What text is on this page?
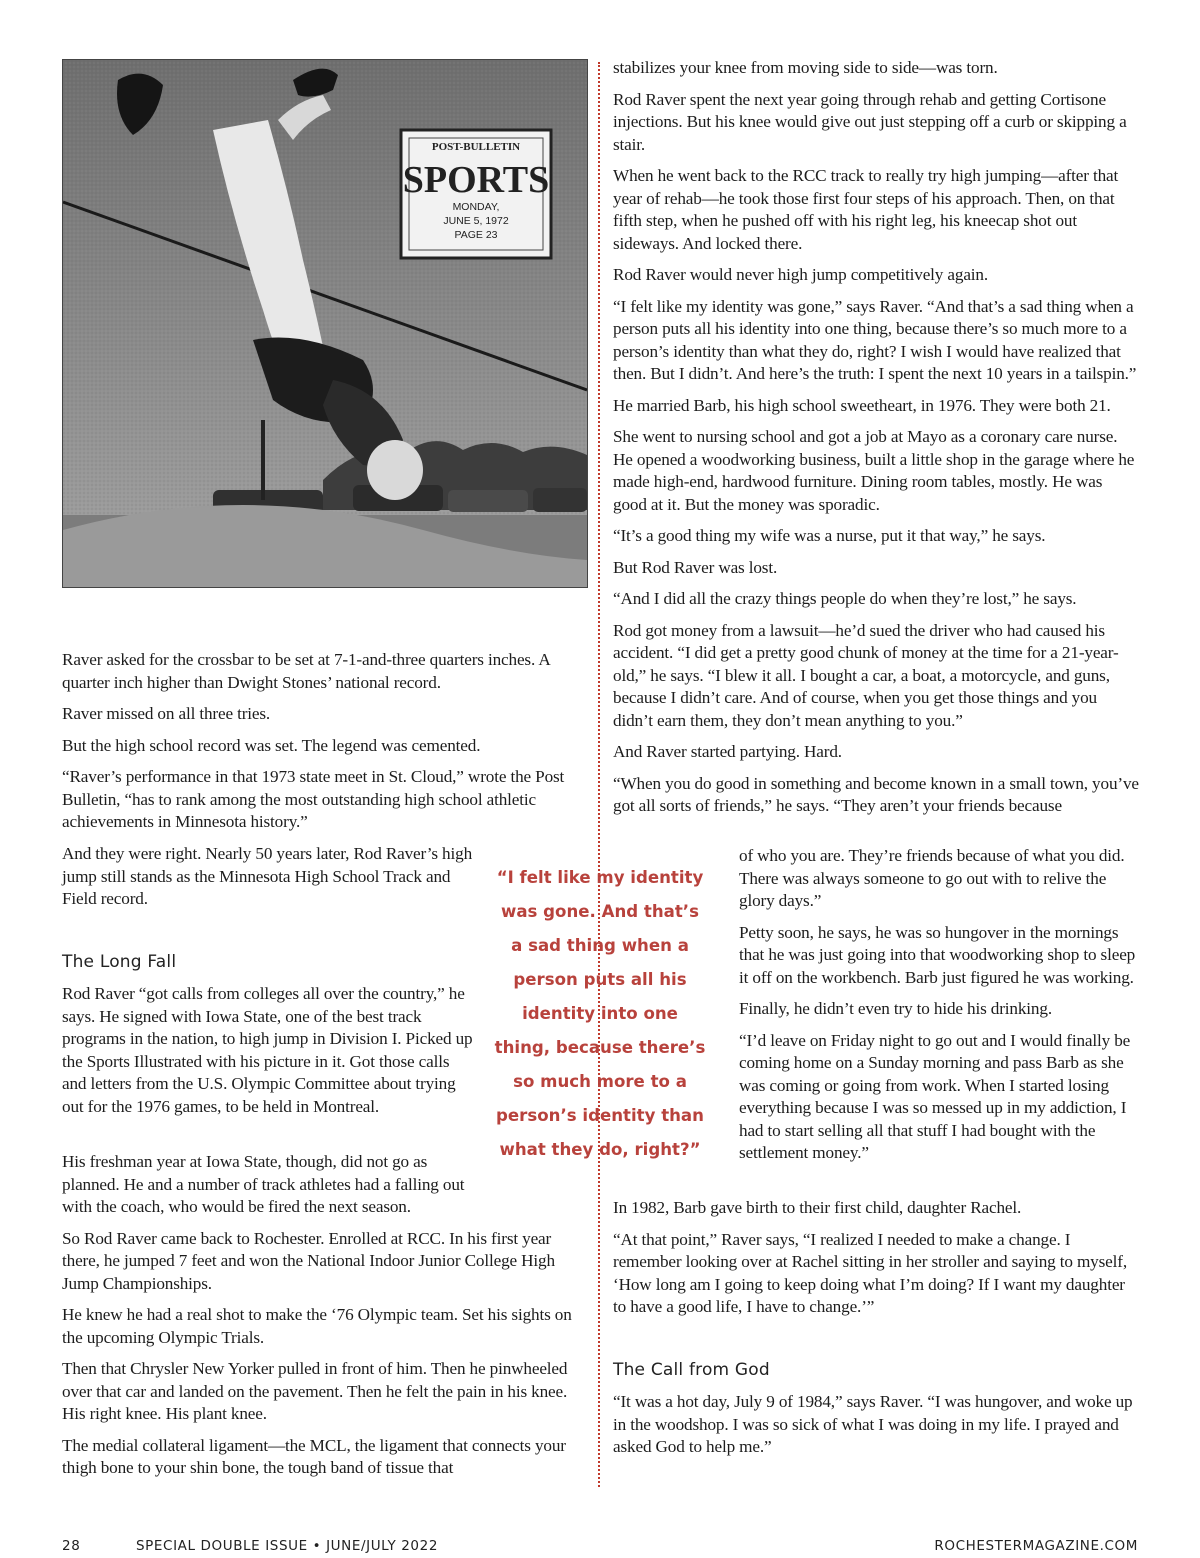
POST-BULLETIN
SPORTS
MONDAY,
JUNE 5, 1972
PAGE 23

Raver asked for the crossbar to be set at 7-1-and-three quarters inches. A quarter inch higher than Dwight Stones’ national record.

Raver missed on all three tries.

But the high school record was set. The legend was cemented.

“Raver’s performance in that 1973 state meet in St. Cloud,” wrote the Post Bulletin, “has to rank among the most outstanding high school athletic achievements in Minnesota history.”

And they were right. Nearly 50 years later, Rod Raver’s high jump still stands as the Minnesota High School Track and Field record.

The Long Fall

Rod Raver “got calls from colleges all over the country,” he says. He signed with Iowa State, one of the best track programs in the nation, to high jump in Division I. Picked up the Sports Illustrated with his picture in it. Got those calls and letters from the U.S. Olympic Committee about trying out for the 1976 games, to be held in Montreal.

His freshman year at Iowa State, though, did not go as planned. He and a number of track athletes had a falling out with the coach, who would be fired the next season.

So Rod Raver came back to Rochester. Enrolled at RCC. In his first year there, he jumped 7 feet and won the National Indoor Junior College High Jump Championships.

He knew he had a real shot to make the ‘76 Olympic team. Set his sights on the upcoming Olympic Trials.

Then that Chrysler New Yorker pulled in front of him. Then he pinwheeled over that car and landed on the pavement. Then he felt the pain in his knee. His right knee. His plant knee.

The medial collateral ligament—the MCL, the ligament that connects your thigh bone to your shin bone, the tough band of tissue that

“I felt like my identity
was gone. And that’s
a sad thing when a
person puts all his
identity into one
thing, because there’s
so much more to a
person’s identity than
what they do, right?”

stabilizes your knee from moving side to side—was torn.

Rod Raver spent the next year going through rehab and getting Cortisone injections. But his knee would give out just stepping off a curb or skipping a stair.

When he went back to the RCC track to really try high jumping—after that year of rehab—he took those first four steps of his approach. Then, on that fifth step, when he pushed off with his right leg, his kneecap shot out sideways. And locked there.

Rod Raver would never high jump competitively again.

“I felt like my identity was gone,” says Raver. “And that’s a sad thing when a person puts all his identity into one thing, because there’s so much more to a person’s identity than what they do, right? I wish I would have realized that then. But I didn’t. And here’s the truth: I spent the next 10 years in a tailspin.”

He married Barb, his high school sweetheart, in 1976. They were both 21.

She went to nursing school and got a job at Mayo as a coronary care nurse. He opened a woodworking business, built a little shop in the garage where he made high-end, hardwood furniture. Dining room tables, mostly. He was good at it. But the money was sporadic.

“It’s a good thing my wife was a nurse, put it that way,” he says.

But Rod Raver was lost.

“And I did all the crazy things people do when they’re lost,” he says.

Rod got money from a lawsuit—he’d sued the driver who had caused his accident. “I did get a pretty good chunk of money at the time for a 21-year-old,” he says. “I blew it all. I bought a car, a boat, a motorcycle, and guns, because I didn’t care. And of course, when you get those things and you didn’t earn them, they don’t mean anything to you.”

And Raver started partying. Hard.

“When you do good in something and become known in a small town, you’ve got all sorts of friends,” he says. “They aren’t your friends because

of who you are. They’re friends because of what you did. There was always someone to go out with to relive the glory days.”

Petty soon, he says, he was so hungover in the mornings that he was just going into that woodworking shop to sleep it off on the workbench. Barb just figured he was working.

Finally, he didn’t even try to hide his drinking.

“I’d leave on Friday night to go out and I would finally be coming home on a Sunday morning and pass Barb as she was coming or going from work. When I started losing everything because I was so messed up in my addiction, I had to start selling all that stuff I had bought with the settlement money.”

In 1982, Barb gave birth to their first child, daughter Rachel.

“At that point,” Raver says, “I realized I needed to make a change. I remember looking over at Rachel sitting in her stroller and saying to myself, ‘How long am I going to keep doing what I’m doing? If I want my daughter to have a good life, I have to change.’”

The Call from God

“It was a hot day, July 9 of 1984,” says Raver. “I was hungover, and woke up in the woodshop. I was so sick of what I was doing in my life. I prayed and asked God to help me.”

28	SPECIAL DOUBLE ISSUE • JUNE/JULY 2022	ROCHESTERMAGAZINE.COM
